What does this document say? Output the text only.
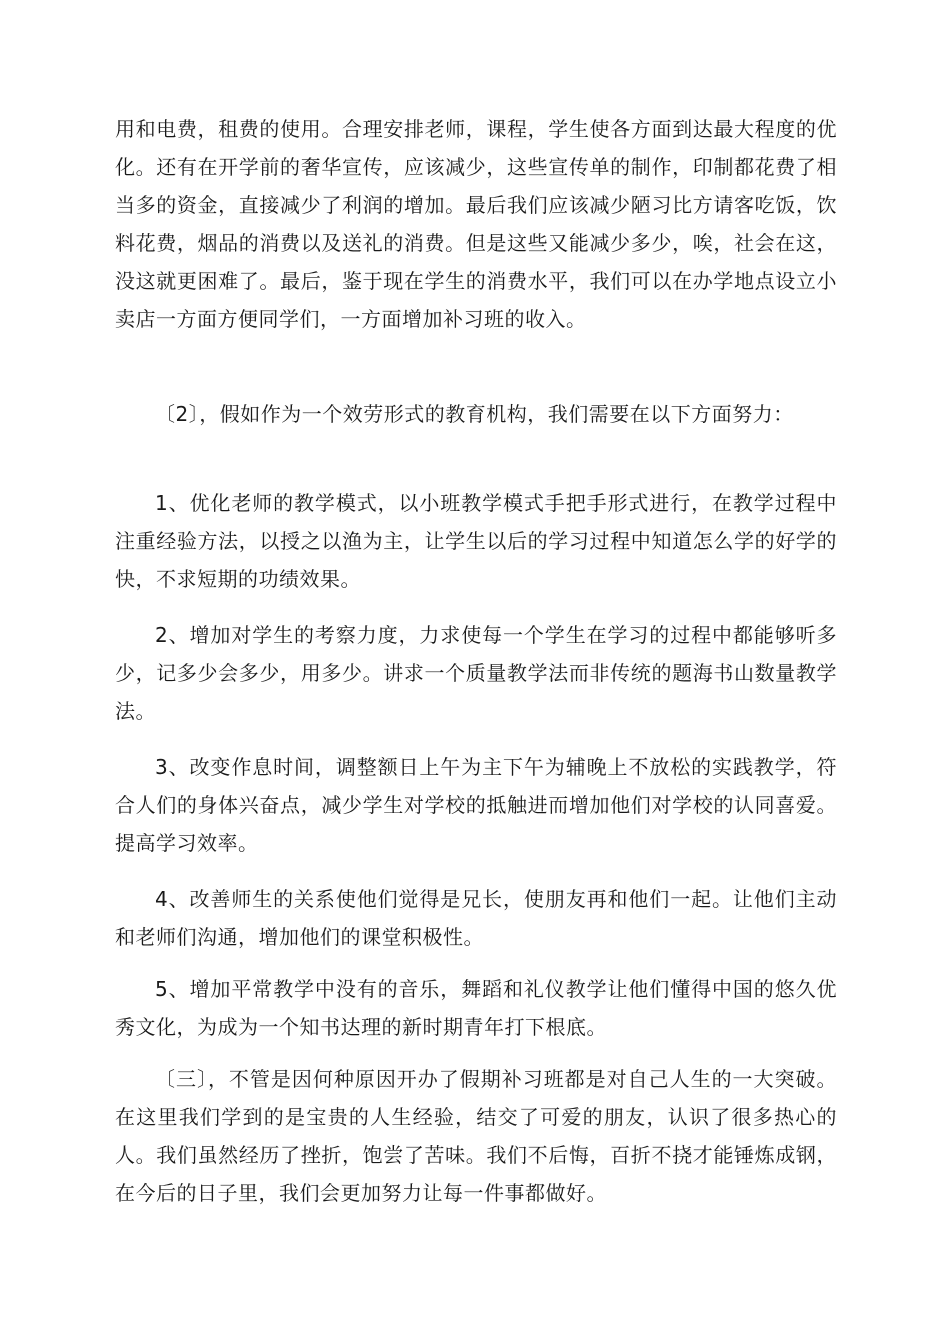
用和电费，租费的使用。合理安排老师，课程，学生使各方面到达最大程度的优化。还有在开学前的奢华宣传，应该减少，这些宣传单的制作，印制都花费了相当多的资金，直接减少了利润的增加。最后我们应该减少陋习比方请客吃饭，饮料花费，烟品的消费以及送礼的消费。但是这些又能减少多少，唉，社会在这，没这就更困难了。最后，鉴于现在学生的消费水平，我们可以在办学地点设立小卖店一方面方便同学们，一方面增加补习班的收入。

〔2〕，假如作为一个效劳形式的教育机构，我们需要在以下方面努力：

1、优化老师的教学模式，以小班教学模式手把手形式进行，在教学过程中注重经验方法，以授之以渔为主，让学生以后的学习过程中知道怎么学的好学的快，不求短期的功绩效果。

2、增加对学生的考察力度，力求使每一个学生在学习的过程中都能够听多少，记多少会多少，用多少。讲求一个质量教学法而非传统的题海书山数量教学法。

3、改变作息时间，调整额日上午为主下午为辅晚上不放松的实践教学，符合人们的身体兴奋点，减少学生对学校的抵触进而增加他们对学校的认同喜爱。提高学习效率。

4、改善师生的关系使他们觉得是兄长，使朋友再和他们一起。让他们主动和老师们沟通，增加他们的课堂积极性。

5、增加平常教学中没有的音乐，舞蹈和礼仪教学让他们懂得中国的悠久优秀文化，为成为一个知书达理的新时期青年打下根底。

〔三〕，不管是因何种原因开办了假期补习班都是对自己人生的一大突破。在这里我们学到的是宝贵的人生经验，结交了可爱的朋友，认识了很多热心的人。我们虽然经历了挫折，饱尝了苦味。我们不后悔，百折不挠才能锤炼成钢，在今后的日子里，我们会更加努力让每一件事都做好。
